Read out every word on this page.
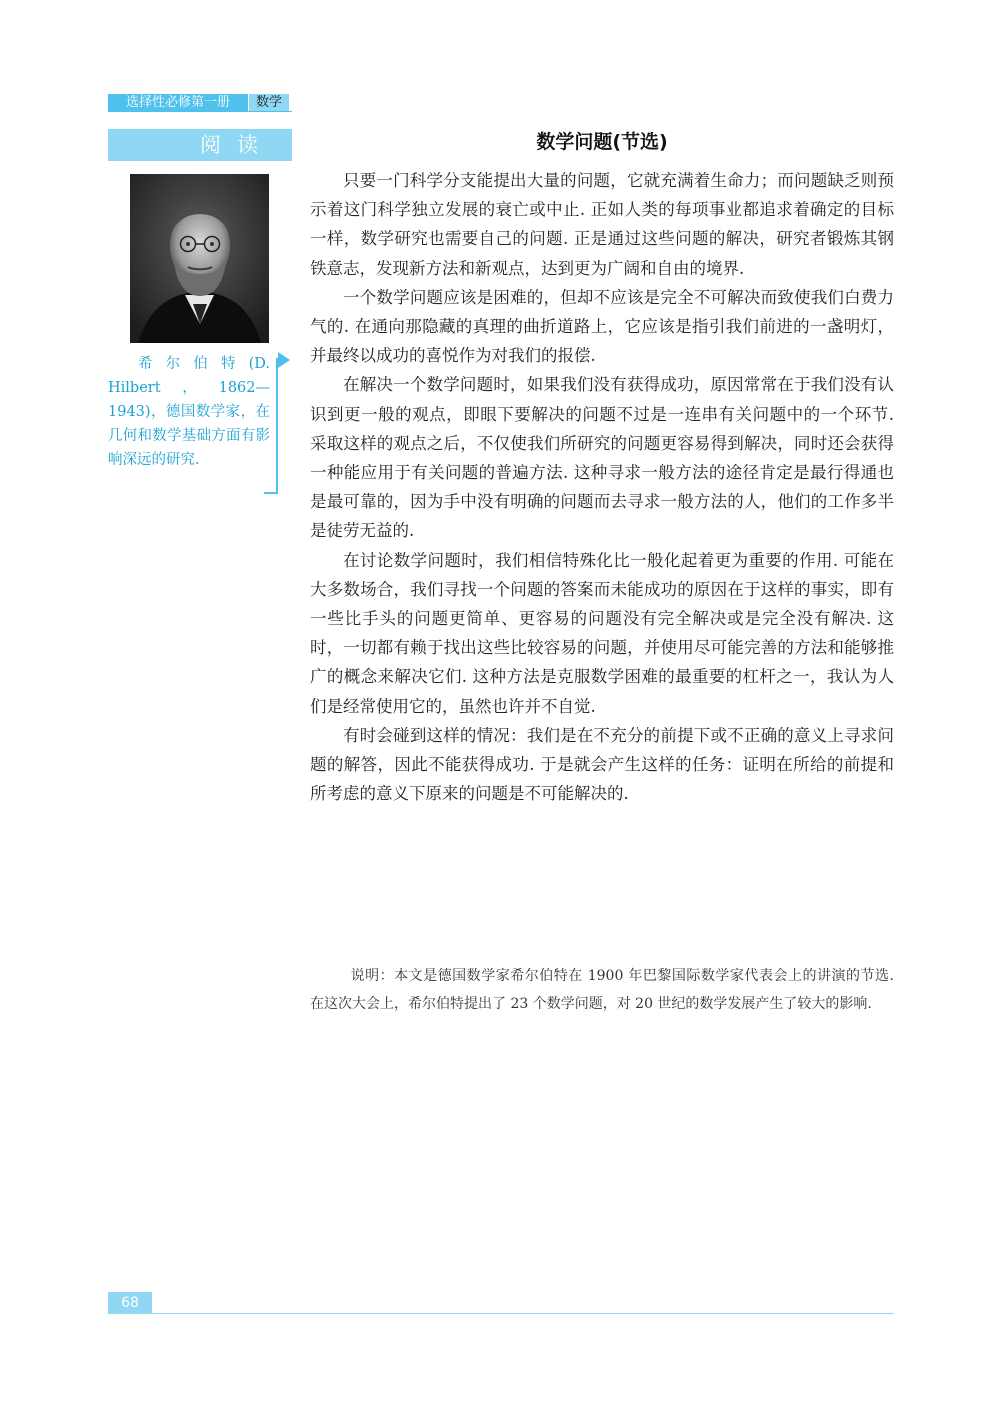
选择性必修第一册	数学
阅读
希尔伯特(D. Hilbert，1862—1943)，德国数学家，在几何和数学基础方面有影响深远的研究.
数学问题(节选)

只要一门科学分支能提出大量的问题，它就充满着生命力；而问题缺乏则预示着这门科学独立发展的衰亡或中止. 正如人类的每项事业都追求着确定的目标一样，数学研究也需要自己的问题. 正是通过这些问题的解决，研究者锻炼其钢铁意志，发现新方法和新观点，达到更为广阔和自由的境界.

一个数学问题应该是困难的，但却不应该是完全不可解决而致使我们白费力气的. 在通向那隐藏的真理的曲折道路上，它应该是指引我们前进的一盏明灯，并最终以成功的喜悦作为对我们的报偿.

在解决一个数学问题时，如果我们没有获得成功，原因常常在于我们没有认识到更一般的观点，即眼下要解决的问题不过是一连串有关问题中的一个环节. 采取这样的观点之后，不仅使我们所研究的问题更容易得到解决，同时还会获得一种能应用于有关问题的普遍方法. 这种寻求一般方法的途径肯定是最行得通也是最可靠的，因为手中没有明确的问题而去寻求一般方法的人，他们的工作多半是徒劳无益的.

在讨论数学问题时，我们相信特殊化比一般化起着更为重要的作用. 可能在大多数场合，我们寻找一个问题的答案而未能成功的原因在于这样的事实，即有一些比手头的问题更简单、更容易的问题没有完全解决或是完全没有解决. 这时，一切都有赖于找出这些比较容易的问题，并使用尽可能完善的方法和能够推广的概念来解决它们. 这种方法是克服数学困难的最重要的杠杆之一，我认为人们是经常使用它的，虽然也许并不自觉.

有时会碰到这样的情况：我们是在不充分的前提下或不正确的意义上寻求问题的解答，因此不能获得成功. 于是就会产生这样的任务：证明在所给的前提和所考虑的意义下原来的问题是不可能解决的.

说明：本文是德国数学家希尔伯特在 1900 年巴黎国际数学家代表会上的讲演的节选. 在这次大会上，希尔伯特提出了 23 个数学问题，对 20 世纪的数学发展产生了较大的影响.
68
